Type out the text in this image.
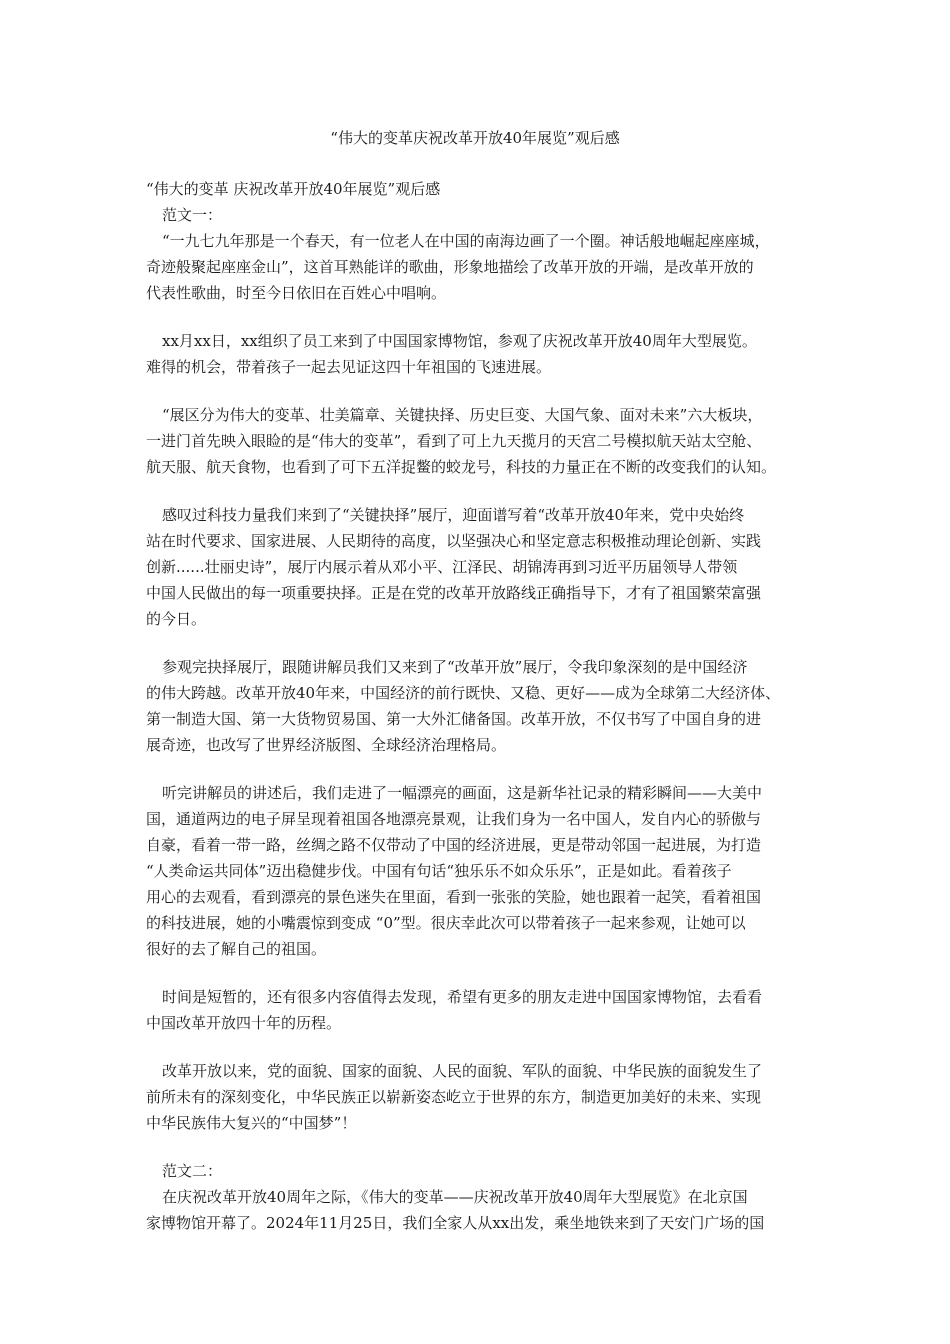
“伟大的变革庆祝改革开放40年展览”观后感

“伟大的变革 庆祝改革开放40年展览”观后感

范文一：

“一九七九年那是一个春天，有一位老人在中国的南海边画了一个圈。神话般地崛起座座城，
奇迹般聚起座座金山”，这首耳熟能详的歌曲，形象地描绘了改革开放的开端，是改革开放的
代表性歌曲，时至今日依旧在百姓心中唱响。

xx月xx日，xx组织了员工来到了中国国家博物馆，参观了庆祝改革开放40周年大型展览。
难得的机会，带着孩子一起去见证这四十年祖国的飞速进展。

“展区分为伟大的变革、壮美篇章、关键抉择、历史巨变、大国气象、面对未来”六大板块，
一进门首先映入眼睑的是“伟大的变革”，看到了可上九天揽月的天宫二号模拟航天站太空舱、
航天服、航天食物，也看到了可下五洋捉鳖的蛟龙号，科技的力量正在不断的改变我们的认知。

感叹过科技力量我们来到了“关键抉择”展厅，迎面谱写着“改革开放40年来，党中央始终
站在时代要求、国家进展、人民期待的高度，以坚强决心和坚定意志积极推动理论创新、实践
创新......壮丽史诗”，展厅内展示着从邓小平、江泽民、胡锦涛再到习近平历届领导人带领
中国人民做出的每一项重要抉择。正是在党的改革开放路线正确指导下，才有了祖国繁荣富强
的今日。

参观完抉择展厅，跟随讲解员我们又来到了“改革开放”展厅，令我印象深刻的是中国经济
的伟大跨越。改革开放40年来，中国经济的前行既快、又稳、更好——成为全球第二大经济体、
第一制造大国、第一大货物贸易国、第一大外汇储备国。改革开放，不仅书写了中国自身的进
展奇迹，也改写了世界经济版图、全球经济治理格局。

听完讲解员的讲述后，我们走进了一幅漂亮的画面，这是新华社记录的精彩瞬间——大美中
国，通道两边的电子屏呈现着祖国各地漂亮景观，让我们身为一名中国人，发自内心的骄傲与
自豪，看着一带一路，丝绸之路不仅带动了中国的经济进展，更是带动邻国一起进展，为打造
“人类命运共同体”迈出稳健步伐。中国有句话“独乐乐不如众乐乐”，正是如此。看着孩子
用心的去观看，看到漂亮的景色迷失在里面，看到一张张的笑脸，她也跟着一起笑，看着祖国
的科技进展，她的小嘴震惊到变成 “0”型。很庆幸此次可以带着孩子一起来参观，让她可以
很好的去了解自己的祖国。

时间是短暂的，还有很多内容值得去发现，希望有更多的朋友走进中国国家博物馆，去看看
中国改革开放四十年的历程。

改革开放以来，党的面貌、国家的面貌、人民的面貌、军队的面貌、中华民族的面貌发生了
前所未有的深刻变化，中华民族正以崭新姿态屹立于世界的东方，制造更加美好的未来、实现
中华民族伟大复兴的“中国梦”！

范文二：

在庆祝改革开放40周年之际，《伟大的变革——庆祝改革开放40周年大型展览》在北京国
家博物馆开幕了。2024年11月25日，我们全家人从xx出发，乘坐地铁来到了天安门广场的国
